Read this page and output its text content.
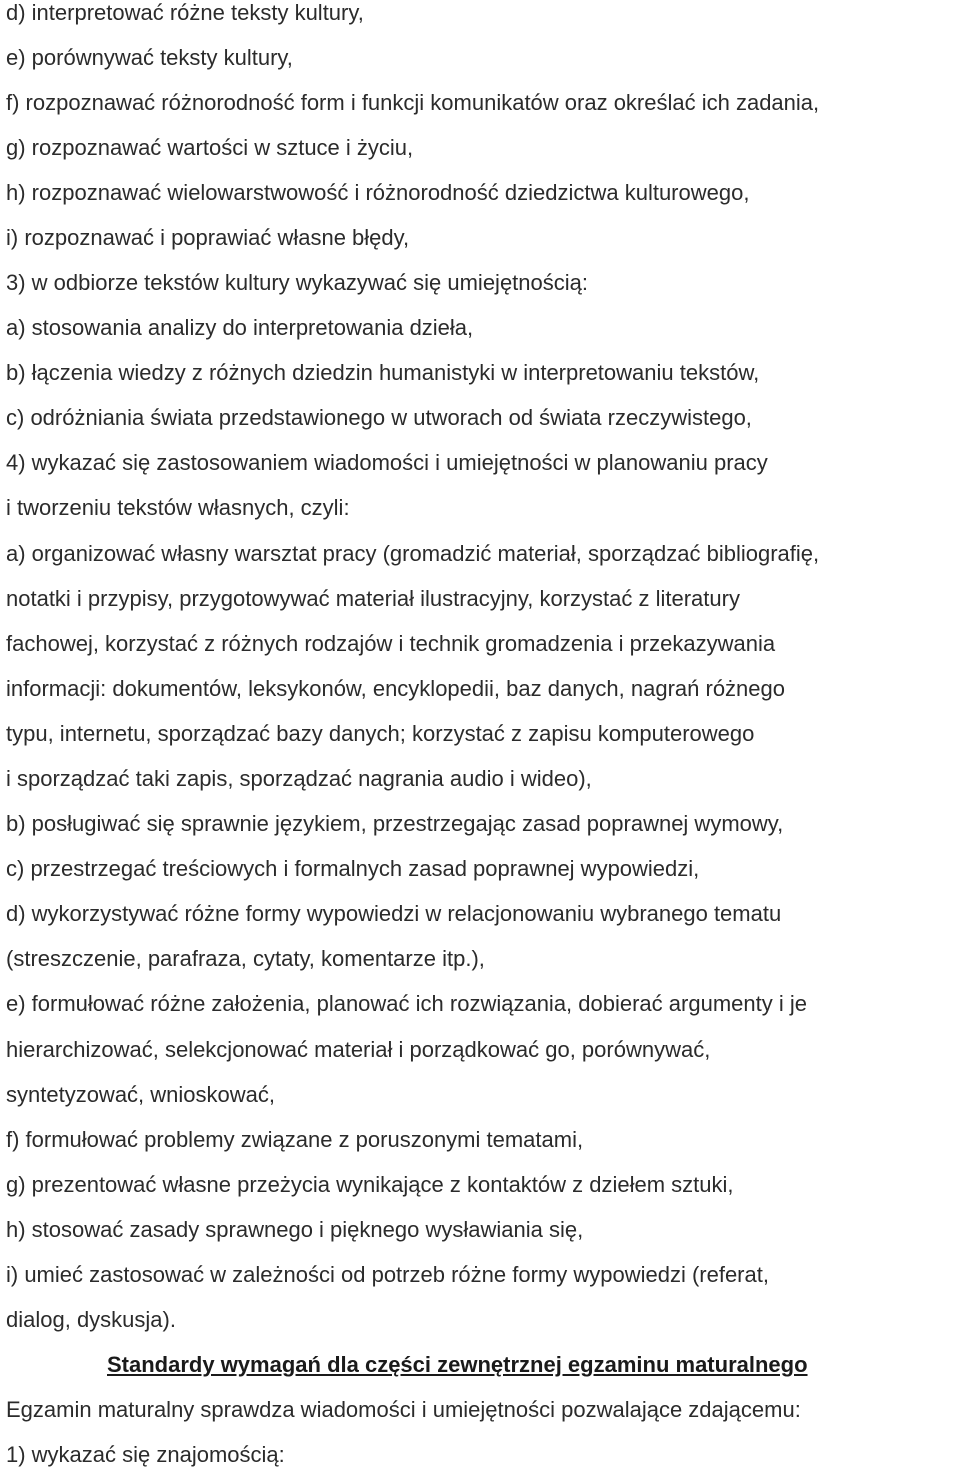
d) interpretować różne teksty kultury,

e) porównywać teksty kultury,

f) rozpoznawać różnorodność form i funkcji komunikatów oraz określać ich zadania,

g) rozpoznawać wartości w sztuce i życiu,

h) rozpoznawać wielowarstwowość i różnorodność dziedzictwa kulturowego,

i) rozpoznawać i poprawiać własne błędy,

3) w odbiorze tekstów kultury wykazywać się umiejętnością:

a) stosowania analizy do interpretowania dzieła,

b) łączenia wiedzy z różnych dziedzin humanistyki w interpretowaniu tekstów,

c) odróżniania świata przedstawionego w utworach od świata rzeczywistego,

4) wykazać się zastosowaniem wiadomości i umiejętności w planowaniu pracy

i tworzeniu tekstów własnych, czyli:

a) organizować własny warsztat pracy (gromadzić materiał, sporządzać bibliografię,

notatki i przypisy, przygotowywać materiał ilustracyjny, korzystać z literatury

fachowej, korzystać z różnych rodzajów i technik gromadzenia i przekazywania

informacji: dokumentów, leksykonów, encyklopedii, baz danych, nagrań różnego

typu, internetu, sporządzać bazy danych; korzystać z zapisu komputerowego

i sporządzać taki zapis, sporządzać nagrania audio i wideo),

b) posługiwać się sprawnie językiem, przestrzegając zasad poprawnej wymowy,

c) przestrzegać treściowych i formalnych zasad poprawnej wypowiedzi,

d) wykorzystywać różne formy wypowiedzi w relacjonowaniu wybranego tematu

(streszczenie, parafraza, cytaty, komentarze itp.),

e) formułować różne założenia, planować ich rozwiązania, dobierać argumenty i je

hierarchizować, selekcjonować materiał i porządkować go, porównywać,

syntetyzować, wnioskować,

f) formułować problemy związane z poruszonymi tematami,

g) prezentować własne przeżycia wynikające z kontaktów z dziełem sztuki,

h) stosować zasady sprawnego i pięknego wysławiania się,

i) umieć zastosować w zależności od potrzeb różne formy wypowiedzi (referat,

dialog, dyskusja).

Standardy wymagań dla części zewnętrznej egzaminu maturalnego

Egzamin maturalny sprawdza wiadomości i umiejętności pozwalające zdającemu:

1) wykazać się znajomością:
